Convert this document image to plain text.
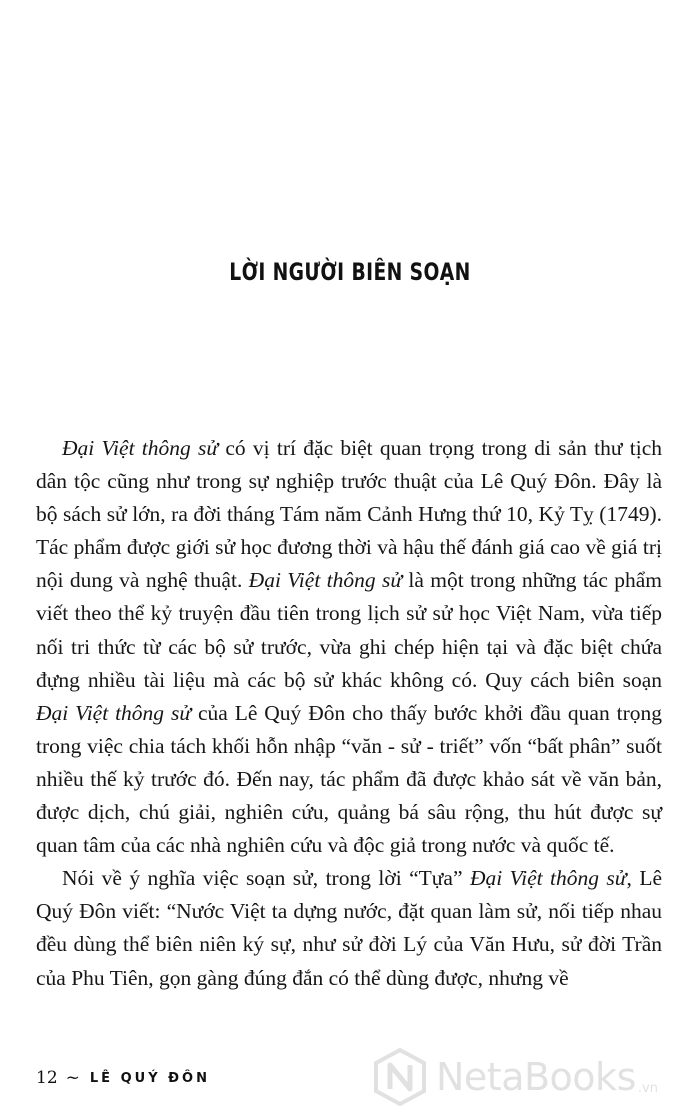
LỜI NGƯỜI BIÊN SOẠN

Đại Việt thông sử có vị trí đặc biệt quan trọng trong di sản thư tịch dân tộc cũng như trong sự nghiệp trước thuật của Lê Quý Đôn. Đây là bộ sách sử lớn, ra đời tháng Tám năm Cảnh Hưng thứ 10, Kỷ Tỵ (1749). Tác phẩm được giới sử học đương thời và hậu thế đánh giá cao về giá trị nội dung và nghệ thuật. Đại Việt thông sử là một trong những tác phẩm viết theo thể kỷ truyện đầu tiên trong lịch sử sử học Việt Nam, vừa tiếp nối tri thức từ các bộ sử trước, vừa ghi chép hiện tại và đặc biệt chứa đựng nhiều tài liệu mà các bộ sử khác không có. Quy cách biên soạn Đại Việt thông sử của Lê Quý Đôn cho thấy bước khởi đầu quan trọng trong việc chia tách khối hỗn nhập “văn - sử - triết” vốn “bất phân” suốt nhiều thế kỷ trước đó. Đến nay, tác phẩm đã được khảo sát về văn bản, được dịch, chú giải, nghiên cứu, quảng bá sâu rộng, thu hút được sự quan tâm của các nhà nghiên cứu và độc giả trong nước và quốc tế.

Nói về ý nghĩa việc soạn sử, trong lời “Tựa” Đại Việt thông sử, Lê Quý Đôn viết: “Nước Việt ta dựng nước, đặt quan làm sử, nối tiếp nhau đều dùng thể biên niên ký sự, như sử đời Lý của Văn Hưu, sử đời Trần của Phu Tiên, gọn gàng đúng đắn có thể dùng được, nhưng về

12 ~ LÊ QUÝ ĐÔN	NetaBooks .vn
